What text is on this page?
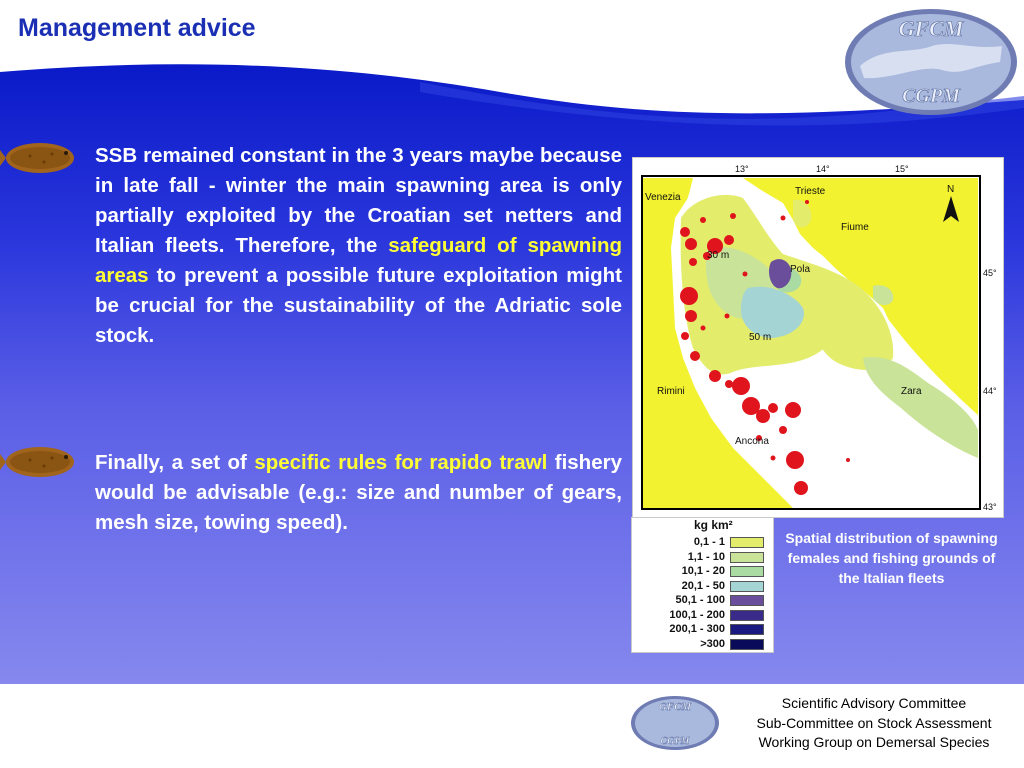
Management advice	GFCM
CGPM
SSB remained constant in the 3 years maybe because in late fall - winter the main spawning area is only partially exploited by the Croatian set netters and Italian fleets. Therefore, the safeguard of spawning areas to prevent a possible future exploitation might be crucial for the sustainability of the Adriatic sole stock.
Finally, a set of specific rules for rapido trawl fishery would be advisable (e.g.: size and number of gears, mesh size, towing speed).
13°	14°	15°
45°
44°
43°
Venezia
Trieste
Fiume
Pola
Rimini	Zara
Ancona
30 m
50 m
N
kg km²
0,1 - 1
1,1 - 10
10,1 - 20
20,1 - 50
50,1 - 100
100,1 - 200
200,1 - 300
>300
Spatial distribution of spawning females and fishing grounds of the Italian fleets
GFCM
CGPM
Scientific Advisory Committee
Sub-Committee on Stock Assessment
Working Group on Demersal Species
